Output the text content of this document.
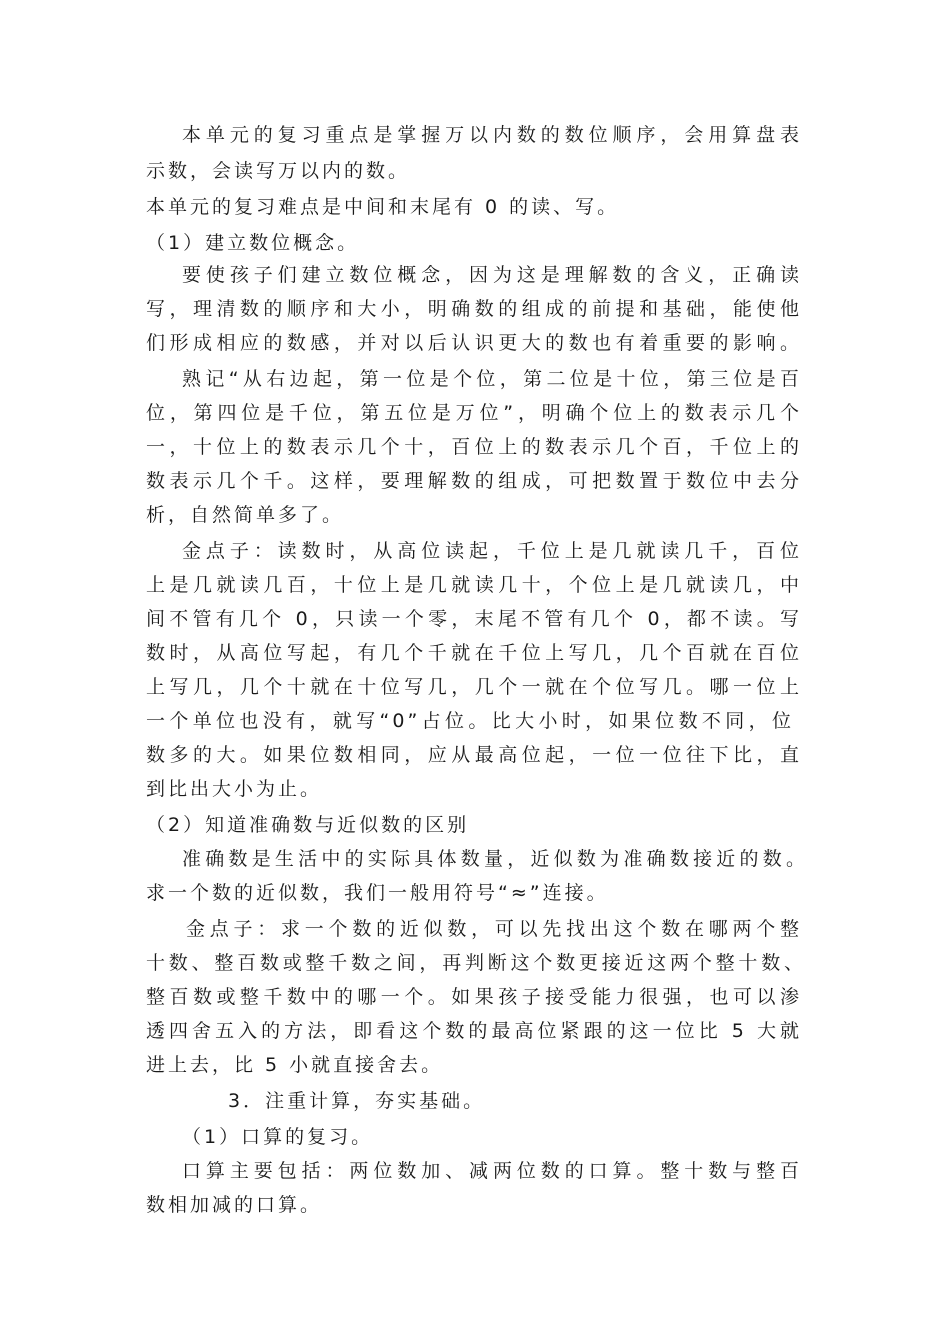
本单元的复习重点是掌握万以内数的数位顺序，会用算盘表
示数，会读写万以内的数。
本单元的复习难点是中间和末尾有 0 的读、写。
（1）建立数位概念。
要使孩子们建立数位概念，因为这是理解数的含义，正确读
写，理清数的顺序和大小，明确数的组成的前提和基础，能使他
们形成相应的数感，并对以后认识更大的数也有着重要的影响。
熟记“从右边起，第一位是个位，第二位是十位，第三位是百
位，第四位是千位，第五位是万位”，明确个位上的数表示几个
一，十位上的数表示几个十，百位上的数表示几个百，千位上的
数表示几个千。这样，要理解数的组成，可把数置于数位中去分
析，自然简单多了。
金点子：读数时，从高位读起，千位上是几就读几千，百位
上是几就读几百，十位上是几就读几十，个位上是几就读几，中
间不管有几个 0，只读一个零，末尾不管有几个 0，都不读。写
数时，从高位写起，有几个千就在千位上写几，几个百就在百位
上写几，几个十就在十位写几，几个一就在个位写几。哪一位上
一个单位也没有，就写“0”占位。比大小时，如果位数不同，位
数多的大。如果位数相同，应从最高位起，一位一位往下比，直
到比出大小为止。
（2）知道准确数与近似数的区别
准确数是生活中的实际具体数量，近似数为准确数接近的数。
求一个数的近似数，我们一般用符号“≈”连接。
金点子：求一个数的近似数，可以先找出这个数在哪两个整
十数、整百数或整千数之间，再判断这个数更接近这两个整十数、
整百数或整千数中的哪一个。如果孩子接受能力很强，也可以渗
透四舍五入的方法，即看这个数的最高位紧跟的这一位比 5 大就
进上去，比 5 小就直接舍去。
3．注重计算，夯实基础。
（1）口算的复习。
口算主要包括：两位数加、减两位数的口算。整十数与整百
数相加减的口算。
